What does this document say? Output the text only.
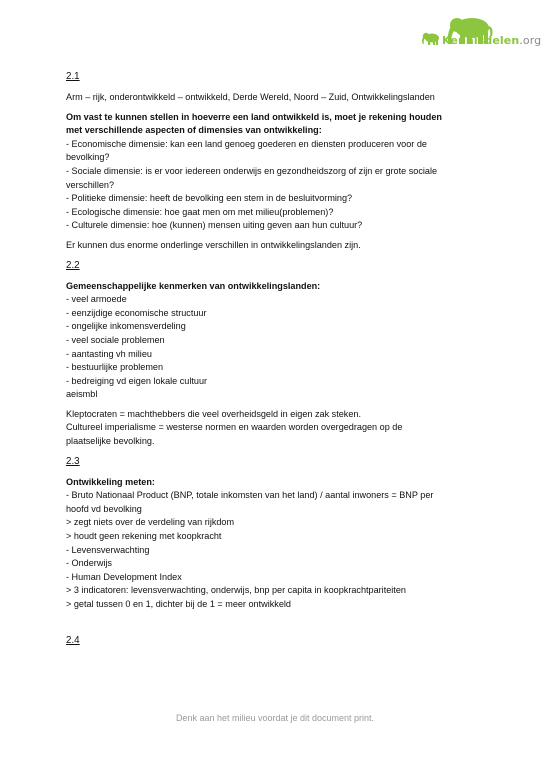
Kennisdelen.org
2.1
Arm – rijk, onderontwikkeld – ontwikkeld, Derde Wereld, Noord – Zuid, Ontwikkelingslanden
Om vast te kunnen stellen in hoeverre een land ontwikkeld is, moet je rekening houden
met verschillende aspecten of dimensies van ontwikkeling:
- Economische dimensie: kan een land genoeg goederen en diensten produceren voor de
bevolking?
- Sociale dimensie: is er voor iedereen onderwijs en gezondheidszorg of zijn er grote sociale
verschillen?
- Politieke dimensie: heeft de bevolking een stem in de besluitvorming?
- Ecologische dimensie: hoe gaat men om met milieu(problemen)?
- Culturele dimensie: hoe (kunnen) mensen uiting geven aan hun cultuur?
Er kunnen dus enorme onderlinge verschillen in ontwikkelingslanden zijn.
2.2
Gemeenschappelijke kenmerken van ontwikkelingslanden:
- veel armoede
- eenzijdige economische structuur
- ongelijke inkomensverdeling
- veel sociale problemen
- aantasting vh milieu
- bestuurlijke problemen
- bedreiging vd eigen lokale cultuur
aeismbl
Kleptocraten = machthebbers die veel overheidsgeld in eigen zak steken.
Cultureel imperialisme = westerse normen en waarden worden overgedragen op de
plaatselijke bevolking.
2.3
Ontwikkeling meten:
- Bruto Nationaal Product (BNP, totale inkomsten van het land) / aantal inwoners = BNP per
hoofd vd bevolking
> zegt niets over de verdeling van rijkdom
> houdt geen rekening met koopkracht
- Levensverwachting
- Onderwijs
- Human Development Index
> 3 indicatoren: levensverwachting, onderwijs, bnp per capita in koopkrachtpariteiten
> getal tussen 0 en 1, dichter bij de 1 = meer ontwikkeld
2.4
Denk aan het milieu voordat je dit document print.
